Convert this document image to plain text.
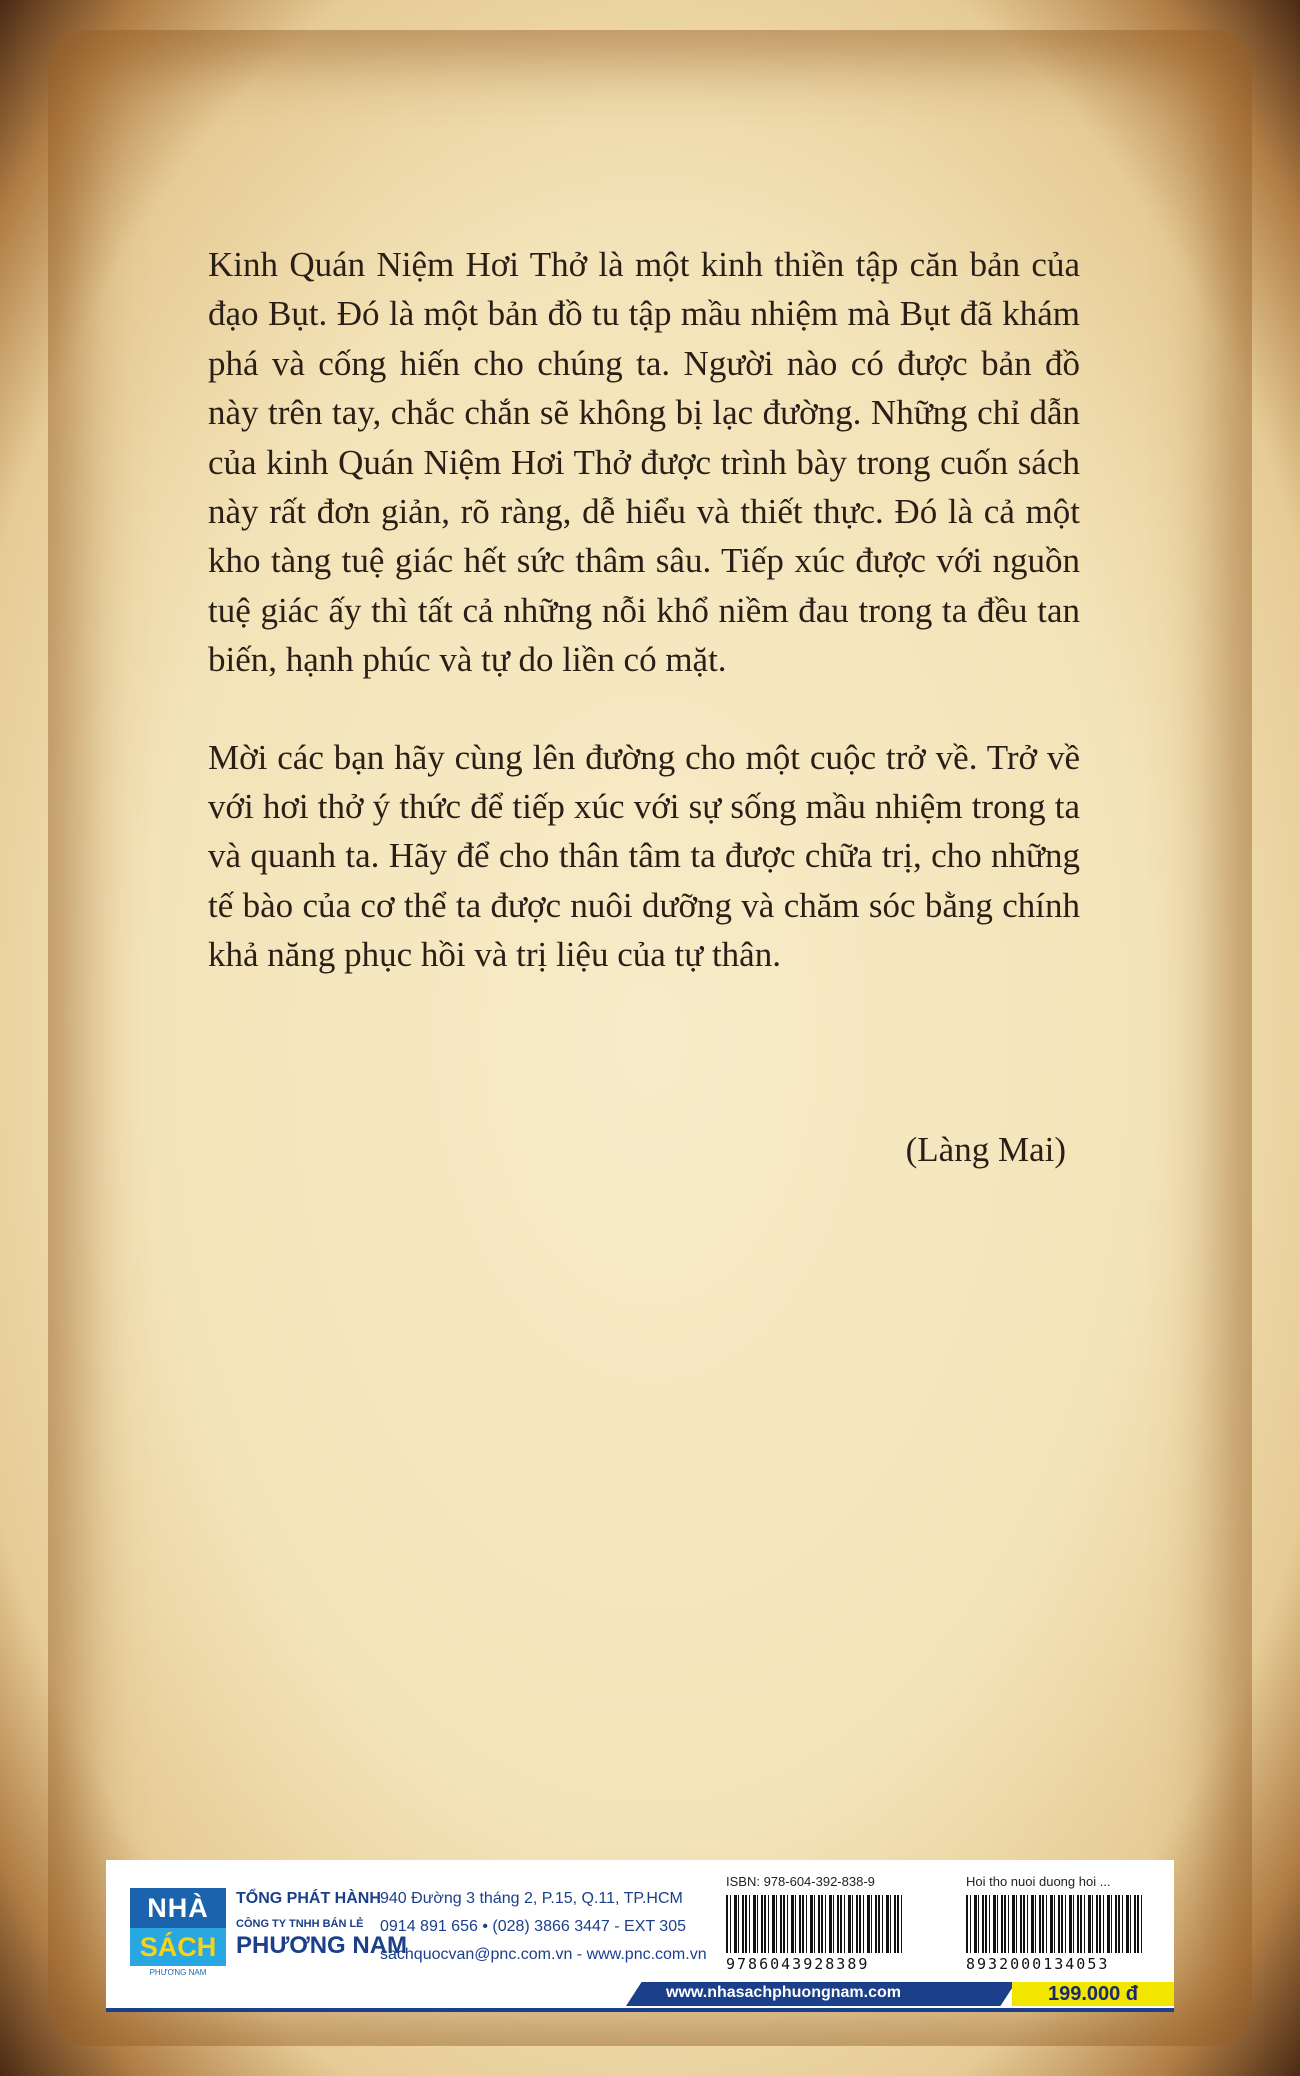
Kinh Quán Niệm Hơi Thở là một kinh thiền tập căn bản của đạo Bụt. Đó là một bản đồ tu tập mầu nhiệm mà Bụt đã khám phá và cống hiến cho chúng ta. Người nào có được bản đồ này trên tay, chắc chắn sẽ không bị lạc đường. Những chỉ dẫn của kinh Quán Niệm Hơi Thở được trình bày trong cuốn sách này rất đơn giản, rõ ràng, dễ hiểu và thiết thực. Đó là cả một kho tàng tuệ giác hết sức thâm sâu. Tiếp xúc được với nguồn tuệ giác ấy thì tất cả những nỗi khổ niềm đau trong ta đều tan biến, hạnh phúc và tự do liền có mặt.

Mời các bạn hãy cùng lên đường cho một cuộc trở về. Trở về với hơi thở ý thức để tiếp xúc với sự sống mầu nhiệm trong ta và quanh ta. Hãy để cho thân tâm ta được chữa trị, cho những tế bào của cơ thể ta được nuôi dưỡng và chăm sóc bằng chính khả năng phục hồi và trị liệu của tự thân.

(Làng Mai)
NHÀ
SÁCH
PHƯƠNG NAM
TỔNG PHÁT HÀNH
CÔNG TY TNHH BÁN LẺ
PHƯƠNG NAM
940 Đường 3 tháng 2, P.15, Q.11, TP.HCM
0914 891 656 • (028) 3866 3447 - EXT 305
sachquocvan@pnc.com.vn - www.pnc.com.vn
ISBN: 978-604-392-838-9
9786043928389
Hoi tho nuoi duong hoi ...
8932000134053
www.nhasachphuongnam.com	199.000 đ
